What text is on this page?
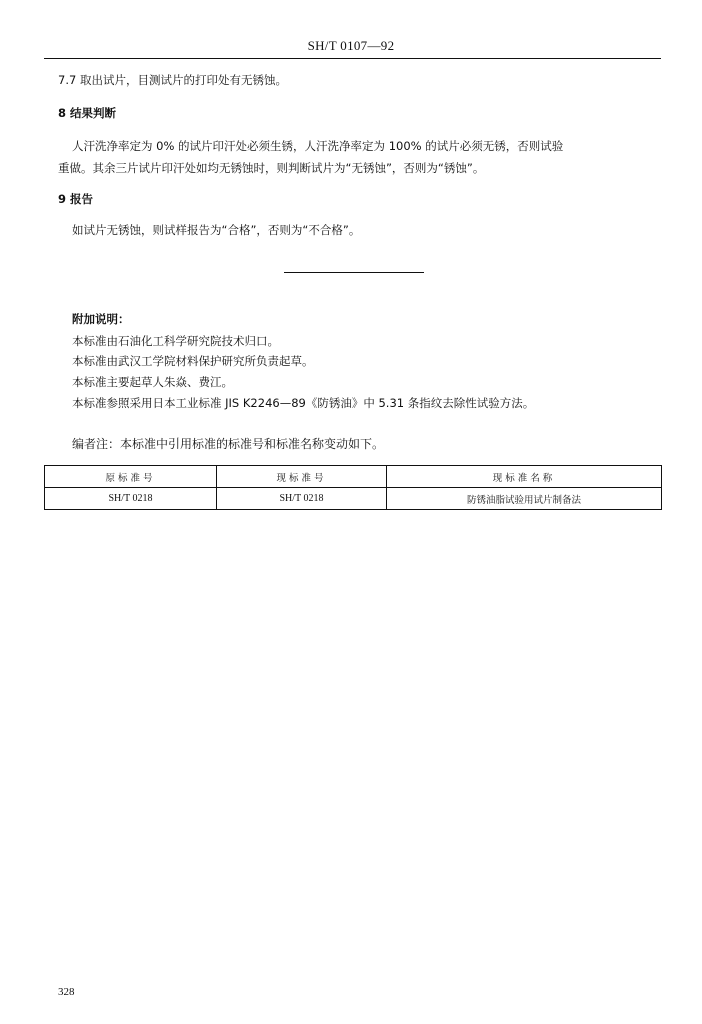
SH/T 0107—92
7.7 取出试片，目测试片的打印处有无锈蚀。
8 结果判断
人汗洗净率定为 0% 的试片印汗处必须生锈，人汗洗净率定为 100% 的试片必须无锈，否则试验
重做。其余三片试片印汗处如均无锈蚀时，则判断试片为“无锈蚀”，否则为“锈蚀”。
9 报告
如试片无锈蚀，则试样报告为“合格”，否则为“不合格”。
附加说明：
本标准由石油化工科学研究院技术归口。
本标准由武汉工学院材料保护研究所负责起草。
本标准主要起草人朱焱、费江。
本标准参照采用日本工业标准 JIS K2246—89《防锈油》中 5.31 条指纹去除性试验方法。
编者注：本标准中引用标准的标准号和标准名称变动如下。
原标准号	现标准号	现标准名称
SH/T 0218	SH/T 0218	防锈油脂试验用试片制备法
328
